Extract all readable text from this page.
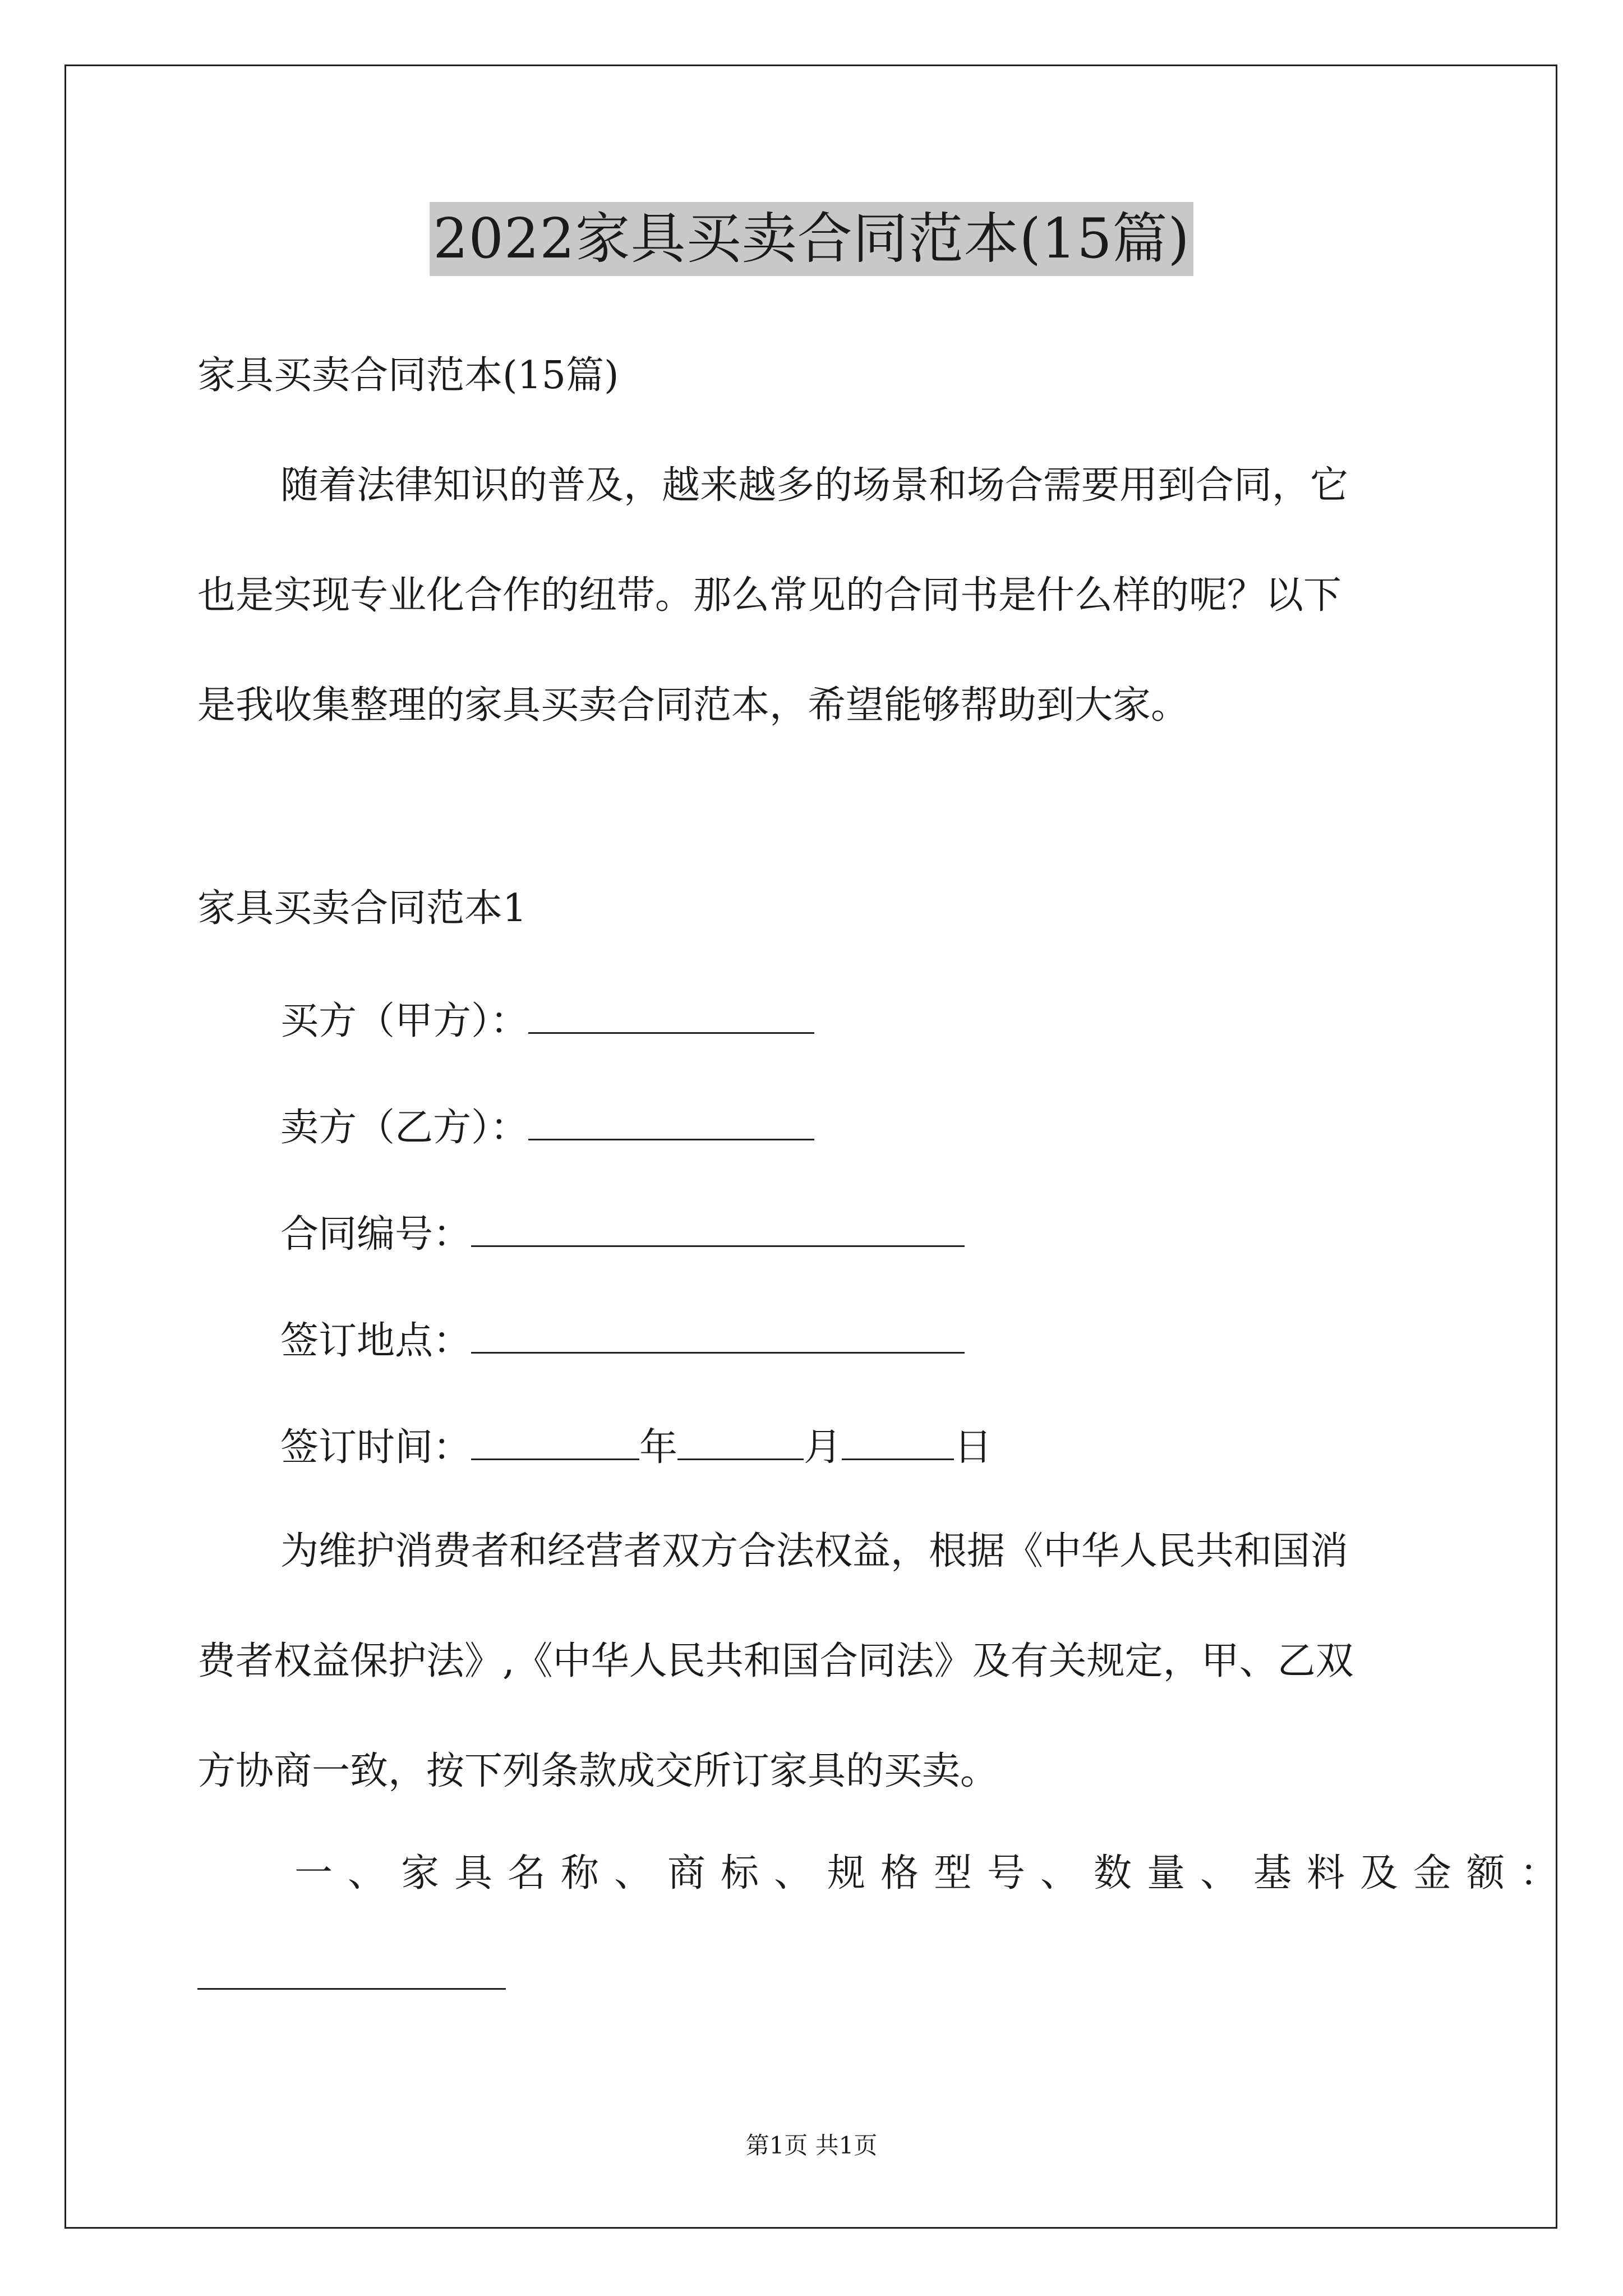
2022家具买卖合同范本(15篇)
家具买卖合同范本(15篇)
随着法律知识的普及，越来越多的场景和场合需要用到合同，它
也是实现专业化合作的纽带。那么常见的合同书是什么样的呢？以下
是我收集整理的家具买卖合同范本，希望能够帮助到大家。
家具买卖合同范本1
买方（甲方）：
卖方（乙方）：
合同编号：
签订地点：
签订时间：	年	月	日
为维护消费者和经营者双方合法权益，根据《中华人民共和国消
费者权益保护法》,《中华人民共和国合同法》及有关规定，甲、乙双
方协商一致，按下列条款成交所订家具的买卖。
一、家具名称、商标、规格型号、数量、基料及金额：
第1页 共1页
